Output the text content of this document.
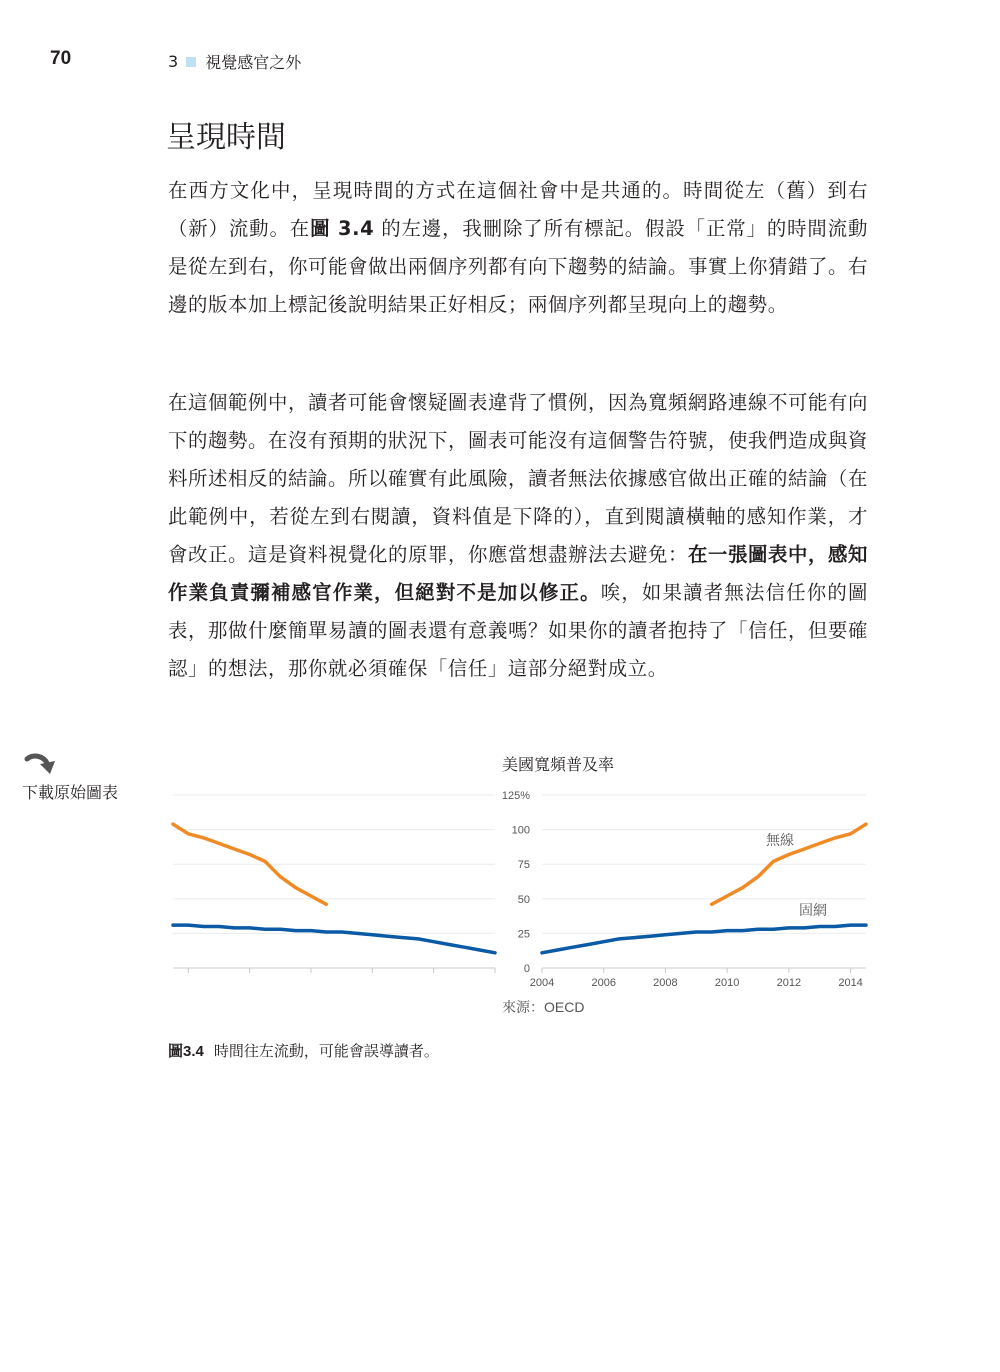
70	3 視覺感官之外
呈現時間

在西方文化中，呈現時間的方式在這個社會中是共通的。時間從左（舊）到右（新）流動。在圖 3.4 的左邊，我刪除了所有標記。假設「正常」的時間流動是從左到右，你可能會做出兩個序列都有向下趨勢的結論。事實上你猜錯了。右邊的版本加上標記後說明結果正好相反；兩個序列都呈現向上的趨勢。

在這個範例中，讀者可能會懷疑圖表違背了慣例，因為寬頻網路連線不可能有向下的趨勢。在沒有預期的狀況下，圖表可能沒有這個警告符號，使我們造成與資料所述相反的結論。所以確實有此風險，讀者無法依據感官做出正確的結論（在此範例中，若從左到右閱讀，資料值是下降的），直到閱讀橫軸的感知作業，才會改正。這是資料視覺化的原罪，你應當想盡辦法去避免：在一張圖表中，感知作業負責彌補感官作業，但絕對不是加以修正。唉，如果讀者無法信任你的圖表，那做什麼簡單易讀的圖表還有意義嗎？如果你的讀者抱持了「信任，但要確認」的想法，那你就必須確保「信任」這部分絕對成立。

下載原始圖表
美國寬頻普及率
0
25
50
75
100
125%
2004	2006	2008	2010	2012	2014
無線
固網
來源：OECD
圖3.4 時間往左流動，可能會誤導讀者。
